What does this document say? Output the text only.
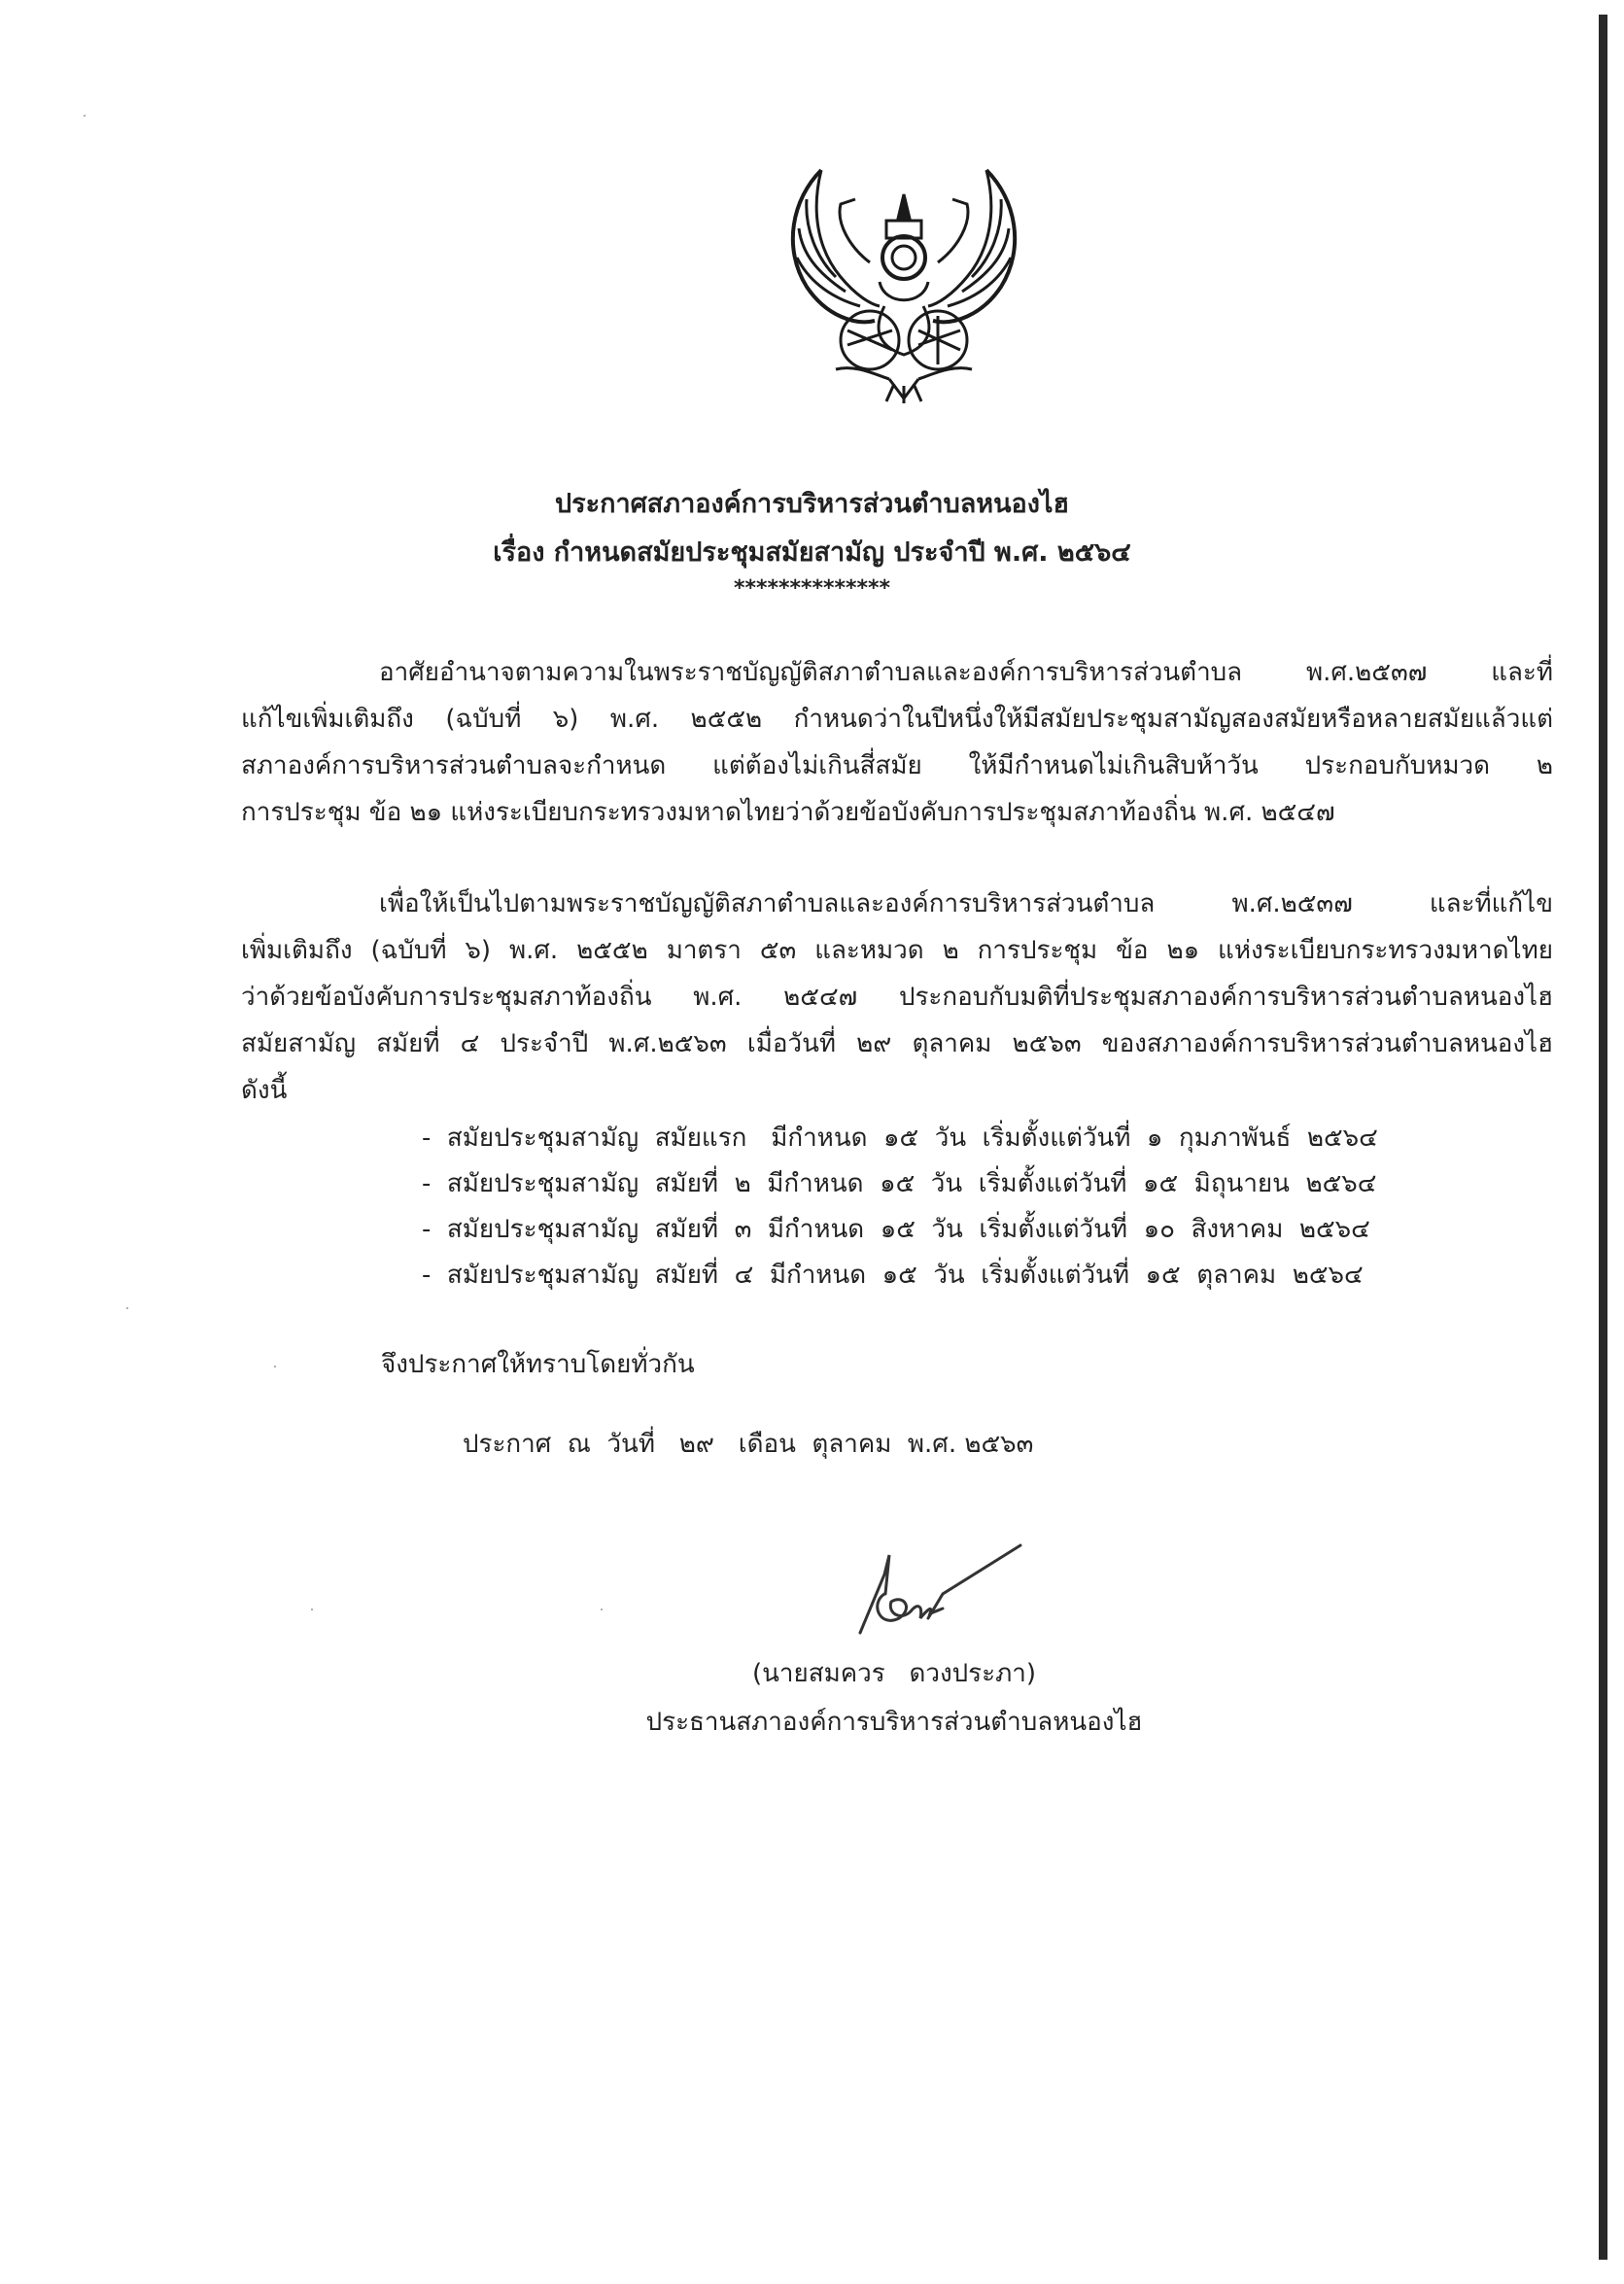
ประกาศสภาองค์การบริหารส่วนตำบลหนองไฮ
เรื่อง กำหนดสมัยประชุมสมัยสามัญ ประจำปี พ.ศ. ๒๕๖๔
**************
อาศัยอำนาจตามความในพระราชบัญญัติสภาตำบลและองค์การบริหารส่วนตำบล พ.ศ.๒๕๓๗ และที่
แก้ไขเพิ่มเติมถึง (ฉบับที่ ๖) พ.ศ. ๒๕๕๒ กำหนดว่าในปีหนึ่งให้มีสมัยประชุมสามัญสองสมัยหรือหลายสมัยแล้วแต่
สภาองค์การบริหารส่วนตำบลจะกำหนด แต่ต้องไม่เกินสี่สมัย ให้มีกำหนดไม่เกินสิบห้าวัน ประกอบกับหมวด ๒
การประชุม ข้อ ๒๑ แห่งระเบียบกระทรวงมหาดไทยว่าด้วยข้อบังคับการประชุมสภาท้องถิ่น พ.ศ. ๒๕๔๗
เพื่อให้เป็นไปตามพระราชบัญญัติสภาตำบลและองค์การบริหารส่วนตำบล พ.ศ.๒๕๓๗ และที่แก้ไข
เพิ่มเติมถึง (ฉบับที่ ๖) พ.ศ. ๒๕๕๒ มาตรา ๕๓ และหมวด ๒ การประชุม ข้อ ๒๑ แห่งระเบียบกระทรวงมหาดไทย
ว่าด้วยข้อบังคับการประชุมสภาท้องถิ่น พ.ศ. ๒๕๔๗ ประกอบกับมติที่ประชุมสภาองค์การบริหารส่วนตำบลหนองไฮ
สมัยสามัญ สมัยที่ ๔ ประจำปี พ.ศ.๒๕๖๓ เมื่อวันที่ ๒๙ ตุลาคม ๒๕๖๓ ของสภาองค์การบริหารส่วนตำบลหนองไฮ
ดังนี้
- สมัยประชุมสามัญ สมัยแรก   มีกำหนด  ๑๕  วัน เริ่มตั้งแต่วันที่ ๑  กุมภาพันธ์  ๒๕๖๔
- สมัยประชุมสามัญ สมัยที่  ๒ มีกำหนด  ๑๕  วัน เริ่มตั้งแต่วันที่ ๑๕  มิถุนายน  ๒๕๖๔
- สมัยประชุมสามัญ สมัยที่  ๓ มีกำหนด  ๑๕  วัน เริ่มตั้งแต่วันที่ ๑๐  สิงหาคม  ๒๕๖๔
- สมัยประชุมสามัญ สมัยที่  ๔ มีกำหนด  ๑๕  วัน เริ่มตั้งแต่วันที่ ๑๕  ตุลาคม  ๒๕๖๔
จึงประกาศให้ทราบโดยทั่วกัน
ประกาศ  ณ  วันที่   ๒๙   เดือน  ตุลาคม  พ.ศ. ๒๕๖๓
(นายสมควร   ดวงประภา)
ประธานสภาองค์การบริหารส่วนตำบลหนองไฮ
